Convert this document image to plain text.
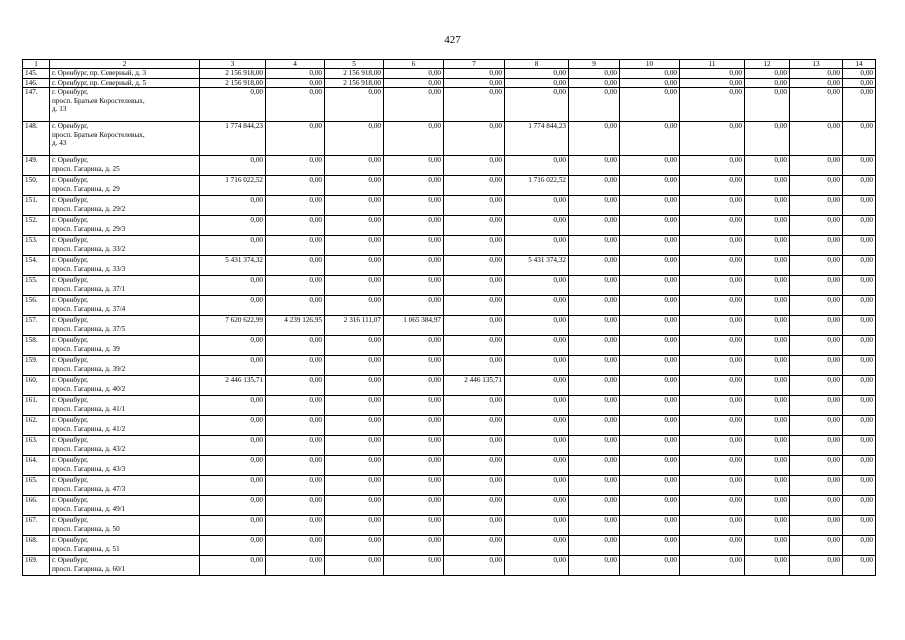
427
1	2	3	4	5	6	7	8	9	10	11	12	13	14
145.	г. Оренбург, пр. Северный, д. 3	2 156 918,00	0,00	2 156 918,00	0,00	0,00	0,00	0,00	0,00	0,00	0,00	0,00	0,00
146.	г. Оренбург, пр. Северный, д. 5	2 156 918,00	0,00	2 156 918,00	0,00	0,00	0,00	0,00	0,00	0,00	0,00	0,00	0,00
147.	г. Оренбург,
просп. Братьев Коростелевых,
д. 13	0,00	0,00	0,00	0,00	0,00	0,00	0,00	0,00	0,00	0,00	0,00	0,00
148.	г. Оренбург,
просп. Братьев Коростелевых,
д. 43	1 774 844,23	0,00	0,00	0,00	0,00	1 774 844,23	0,00	0,00	0,00	0,00	0,00	0,00
149.	г. Оренбург,
просп. Гагарина, д. 25	0,00	0,00	0,00	0,00	0,00	0,00	0,00	0,00	0,00	0,00	0,00	0,00
150.	г. Оренбург,
просп. Гагарина, д. 29	1 716 022,52	0,00	0,00	0,00	0,00	1 716 022,52	0,00	0,00	0,00	0,00	0,00	0,00
151.	г. Оренбург,
просп. Гагарина, д. 29/2	0,00	0,00	0,00	0,00	0,00	0,00	0,00	0,00	0,00	0,00	0,00	0,00
152.	г. Оренбург,
просп. Гагарина, д. 29/3	0,00	0,00	0,00	0,00	0,00	0,00	0,00	0,00	0,00	0,00	0,00	0,00
153.	г. Оренбург,
просп. Гагарина, д. 33/2	0,00	0,00	0,00	0,00	0,00	0,00	0,00	0,00	0,00	0,00	0,00	0,00
154.	г. Оренбург,
просп. Гагарина, д. 33/3	5 431 374,32	0,00	0,00	0,00	0,00	5 431 374,32	0,00	0,00	0,00	0,00	0,00	0,00
155.	г. Оренбург,
просп. Гагарина, д. 37/1	0,00	0,00	0,00	0,00	0,00	0,00	0,00	0,00	0,00	0,00	0,00	0,00
156.	г. Оренбург,
просп. Гагарина, д. 37/4	0,00	0,00	0,00	0,00	0,00	0,00	0,00	0,00	0,00	0,00	0,00	0,00
157.	г. Оренбург,
просп. Гагарина, д. 37/5	7 620 622,99	4 239 126,95	2 316 111,07	1 065 384,97	0,00	0,00	0,00	0,00	0,00	0,00	0,00	0,00
158.	г. Оренбург,
просп. Гагарина, д. 39	0,00	0,00	0,00	0,00	0,00	0,00	0,00	0,00	0,00	0,00	0,00	0,00
159.	г. Оренбург,
просп. Гагарина, д. 39/2	0,00	0,00	0,00	0,00	0,00	0,00	0,00	0,00	0,00	0,00	0,00	0,00
160.	г. Оренбург,
просп. Гагарина, д. 40/2	2 446 135,71	0,00	0,00	0,00	2 446 135,71	0,00	0,00	0,00	0,00	0,00	0,00	0,00
161.	г. Оренбург,
просп. Гагарина, д. 41/1	0,00	0,00	0,00	0,00	0,00	0,00	0,00	0,00	0,00	0,00	0,00	0,00
162.	г. Оренбург,
просп. Гагарина, д. 41/2	0,00	0,00	0,00	0,00	0,00	0,00	0,00	0,00	0,00	0,00	0,00	0,00
163.	г. Оренбург,
просп. Гагарина, д. 43/2	0,00	0,00	0,00	0,00	0,00	0,00	0,00	0,00	0,00	0,00	0,00	0,00
164.	г. Оренбург,
просп. Гагарина, д. 43/3	0,00	0,00	0,00	0,00	0,00	0,00	0,00	0,00	0,00	0,00	0,00	0,00
165.	г. Оренбург,
просп. Гагарина, д. 47/3	0,00	0,00	0,00	0,00	0,00	0,00	0,00	0,00	0,00	0,00	0,00	0,00
166.	г. Оренбург,
просп. Гагарина, д. 49/1	0,00	0,00	0,00	0,00	0,00	0,00	0,00	0,00	0,00	0,00	0,00	0,00
167.	г. Оренбург,
просп. Гагарина, д. 50	0,00	0,00	0,00	0,00	0,00	0,00	0,00	0,00	0,00	0,00	0,00	0,00
168.	г. Оренбург,
просп. Гагарина, д. 51	0,00	0,00	0,00	0,00	0,00	0,00	0,00	0,00	0,00	0,00	0,00	0,00
169.	г. Оренбург,
просп. Гагарина, д. 60/1	0,00	0,00	0,00	0,00	0,00	0,00	0,00	0,00	0,00	0,00	0,00	0,00
